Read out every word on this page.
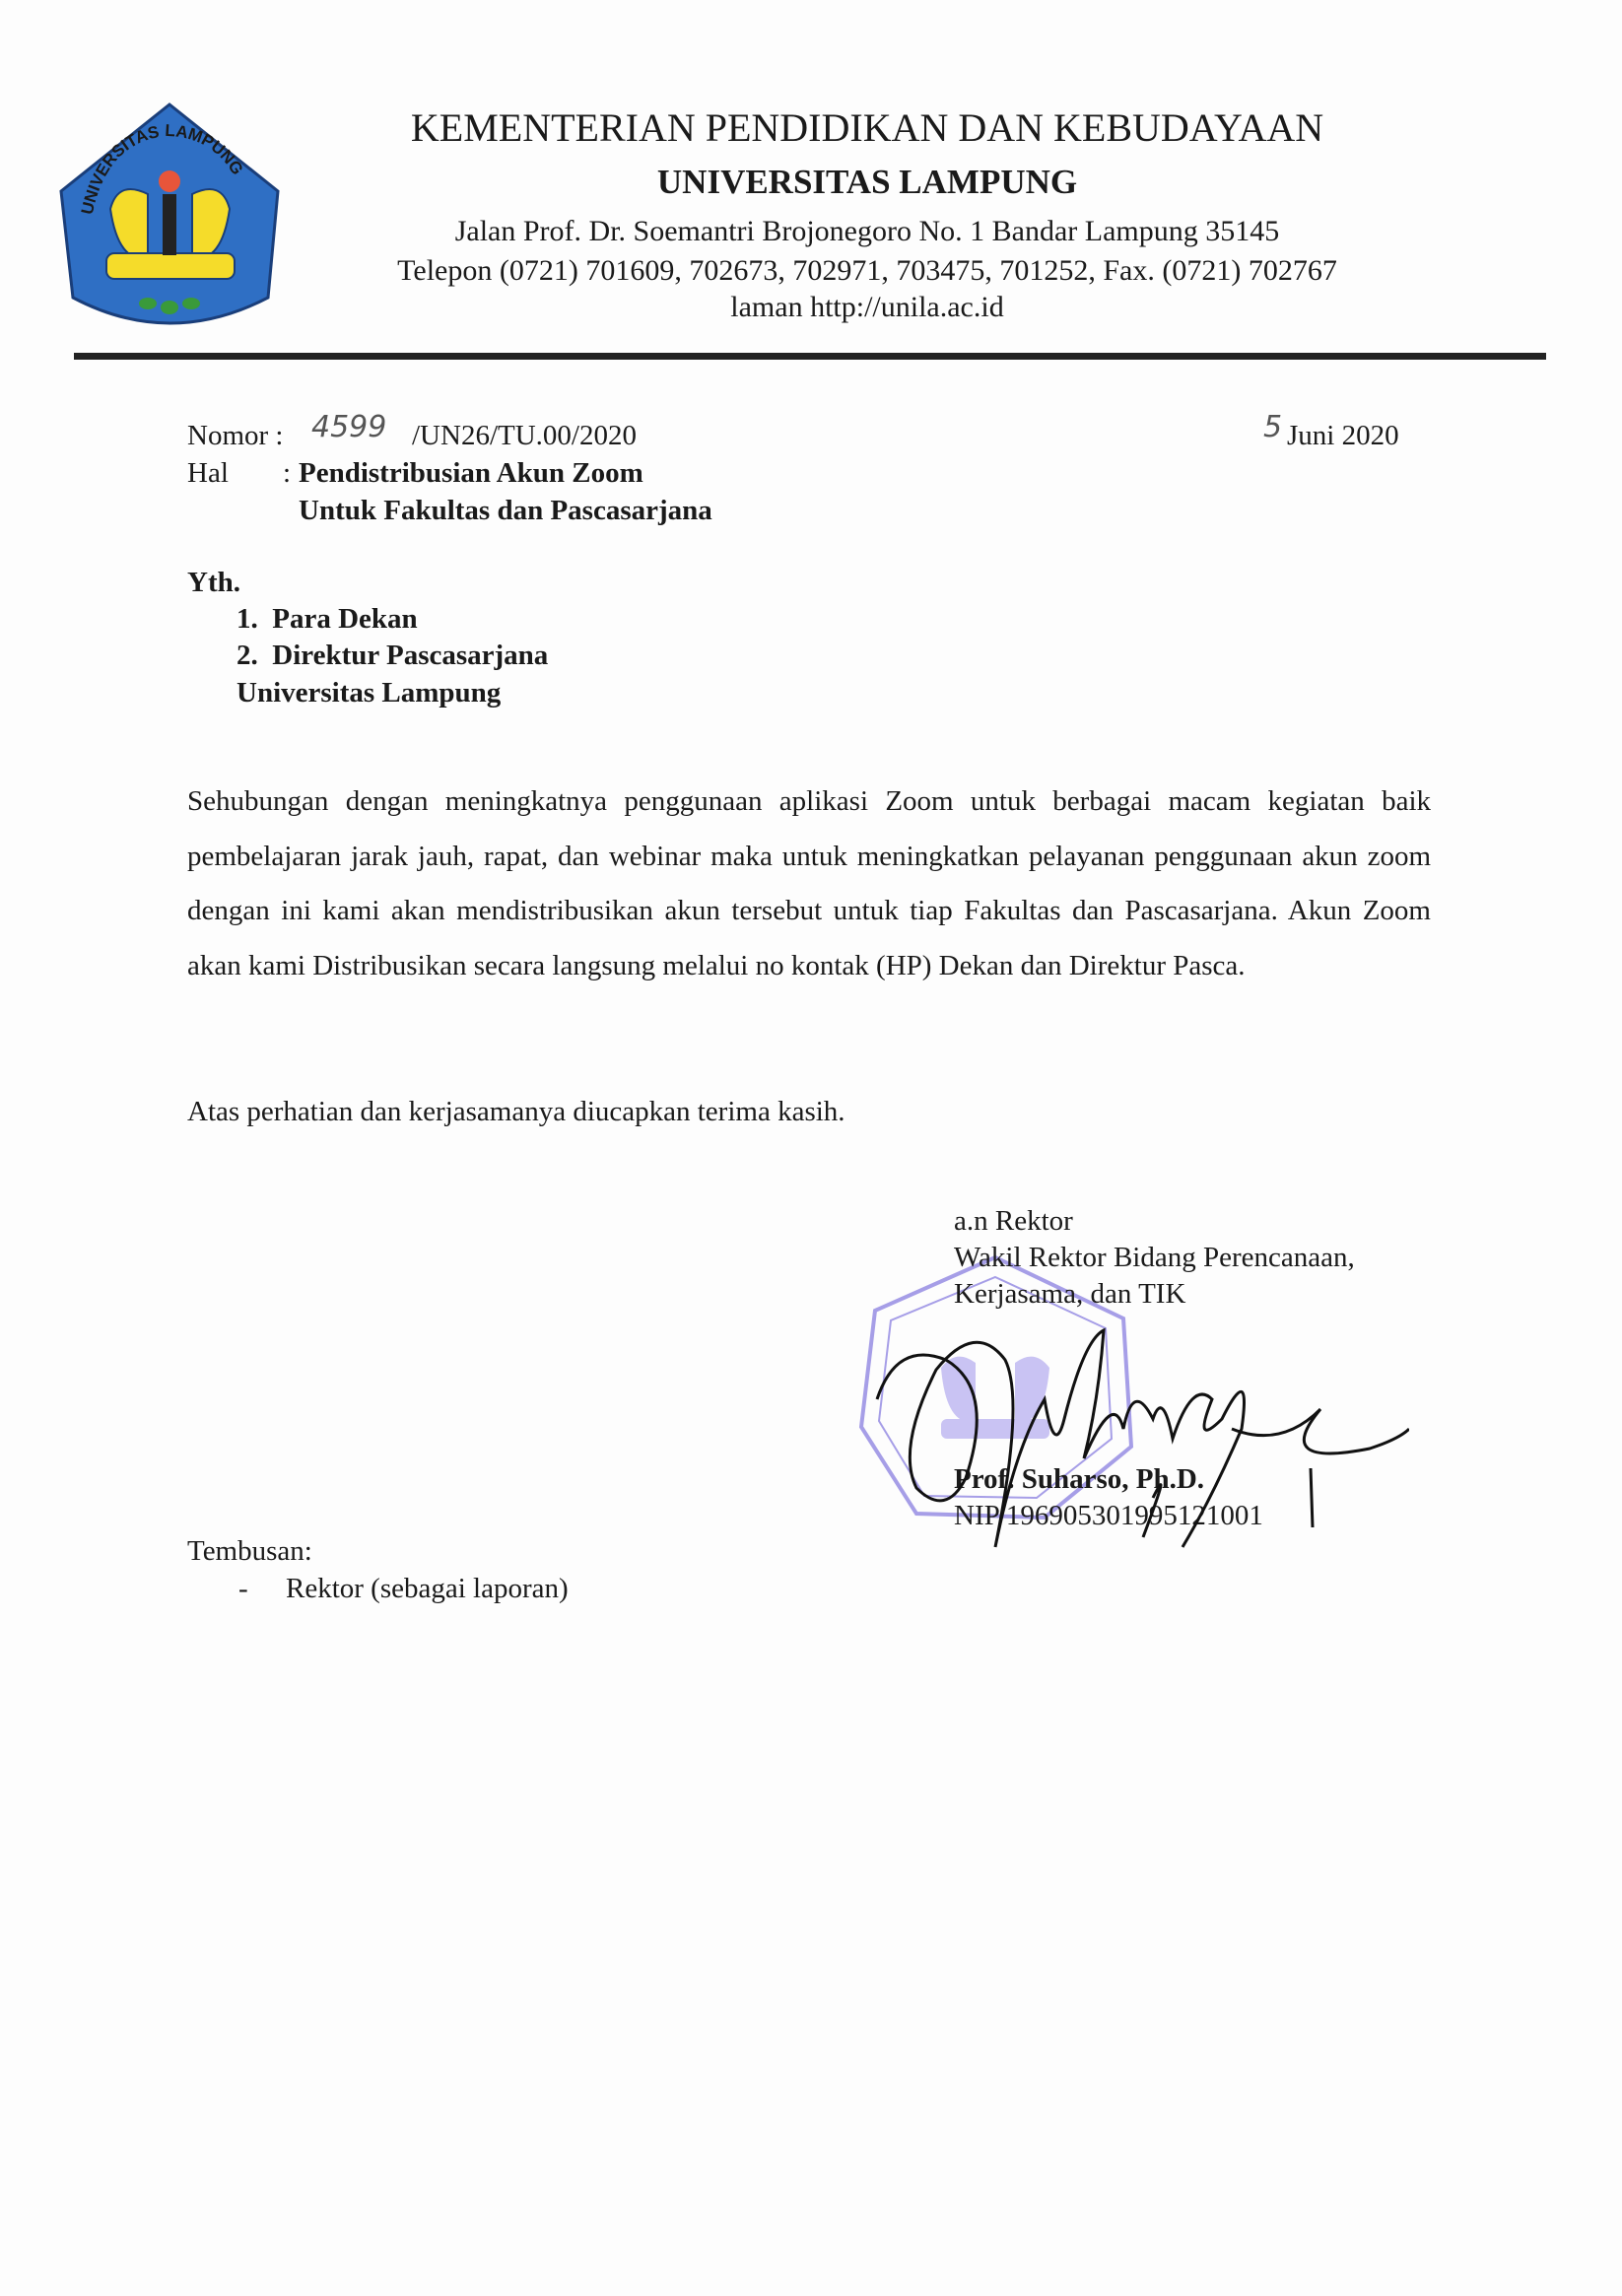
UNIVERSITAS LAMPUNG
KEMENTERIAN PENDIDIKAN DAN KEBUDAYAAN
UNIVERSITAS LAMPUNG
Jalan Prof. Dr. Soemantri Brojonegoro No. 1 Bandar Lampung 35145
Telepon (0721) 701609, 702673, 702971, 703475, 701252, Fax. (0721) 702767
laman http://unila.ac.id
Nomor : 4599 /UN26/TU.00/2020	5 Juni 2020
Hal : Pendistribusian Akun Zoom
Untuk Fakultas dan Pascasarjana
Yth.
1.  Para Dekan
2.  Direktur Pascasarjana
Universitas Lampung
Sehubungan dengan meningkatnya penggunaan aplikasi Zoom untuk berbagai macam kegiatan baik pembelajaran jarak jauh, rapat, dan webinar maka untuk meningkatkan pelayanan penggunaan akun zoom dengan ini kami akan mendistribusikan akun tersebut untuk tiap Fakultas dan Pascasarjana. Akun Zoom akan kami Distribusikan secara langsung melalui no kontak (HP) Dekan dan Direktur Pasca.
Atas perhatian dan kerjasamanya diucapkan terima kasih.
a.n Rektor
Wakil Rektor Bidang Perencanaan,
Kerjasama, dan TIK
Prof. Suharso, Ph.D.
NIP 196905301995121001
Tembusan:
- Rektor (sebagai laporan)
